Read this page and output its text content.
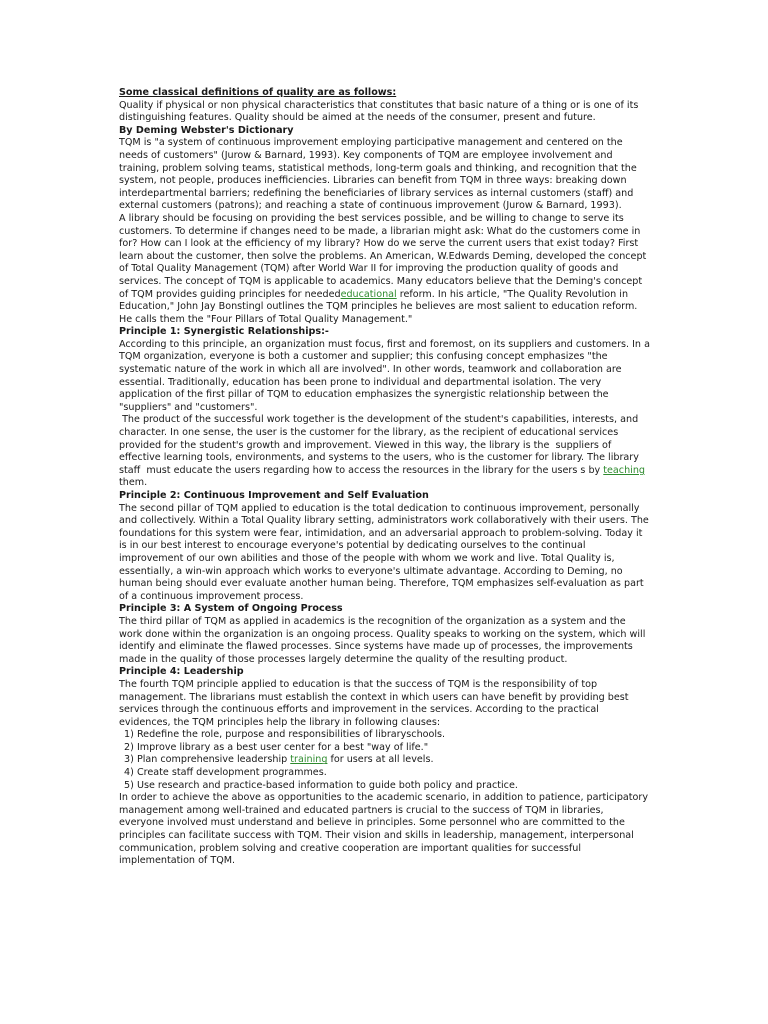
Some classical definitions of quality are as follows:

Quality if physical or non physical characteristics that constitutes that basic nature of a thing or is one of its distinguishing features. Quality should be aimed at the needs of the consumer, present and future.

By Deming Webster's Dictionary

TQM is "a system of continuous improvement employing participative management and centered on the needs of customers" (Jurow & Barnard, 1993). Key components of TQM are employee involvement and training, problem solving teams, statistical methods, long-term goals and thinking, and recognition that the system, not people, produces inefficiencies. Libraries can benefit from TQM in three ways: breaking down interdepartmental barriers; redefining the beneficiaries of library services as internal customers (staff) and external customers (patrons); and reaching a state of continuous improvement (Jurow & Barnard, 1993).

A library should be focusing on providing the best services possible, and be willing to change to serve its customers. To determine if changes need to be made, a librarian might ask: What do the customers come in for? How can I look at the efficiency of my library? How do we serve the current users that exist today? First learn about the customer, then solve the problems. An American, W.Edwards Deming, developed the concept of Total Quality Management (TQM) after World War II for improving the production quality of goods and services. The concept of TQM is applicable to academics. Many educators believe that the Deming's concept of TQM provides guiding principles for needededucational reform. In his article, "The Quality Revolution in Education," John Jay Bonstingl outlines the TQM principles he believes are most salient to education reform. He calls them the "Four Pillars of Total Quality Management."

Principle 1: Synergistic Relationships:-

According to this principle, an organization must focus, first and foremost, on its suppliers and customers. In a TQM organization, everyone is both a customer and supplier; this confusing concept emphasizes "the systematic nature of the work in which all are involved". In other words, teamwork and collaboration are essential. Traditionally, education has been prone to individual and departmental isolation. The very application of the first pillar of TQM to education emphasizes the synergistic relationship between the "suppliers" and "customers".

The product of the successful work together is the development of the student's capabilities, interests, and character. In one sense, the user is the customer for the library, as the recipient of educational services provided for the student's growth and improvement. Viewed in this way, the library is the  suppliers of effective learning tools, environments, and systems to the users, who is the customer for library. The library staff  must educate the users regarding how to access the resources in the library for the users s by teaching them.

Principle 2: Continuous Improvement and Self Evaluation

The second pillar of TQM applied to education is the total dedication to continuous improvement, personally and collectively. Within a Total Quality library setting, administrators work collaboratively with their users. The foundations for this system were fear, intimidation, and an adversarial approach to problem-solving. Today it is in our best interest to encourage everyone's potential by dedicating ourselves to the continual improvement of our own abilities and those of the people with whom we work and live. Total Quality is, essentially, a win-win approach which works to everyone's ultimate advantage. According to Deming, no human being should ever evaluate another human being. Therefore, TQM emphasizes self-evaluation as part of a continuous improvement process.

Principle 3: A System of Ongoing Process

The third pillar of TQM as applied in academics is the recognition of the organization as a system and the work done within the organization is an ongoing process. Quality speaks to working on the system, which will identify and eliminate the flawed processes. Since systems have made up of processes, the improvements made in the quality of those processes largely determine the quality of the resulting product.

Principle 4: Leadership

The fourth TQM principle applied to education is that the success of TQM is the responsibility of top management. The librarians must establish the context in which users can have benefit by providing best services through the continuous efforts and improvement in the services. According to the practical evidences, the TQM principles help the library in following clauses:

1) Redefine the role, purpose and responsibilities of libraryschools.

2) Improve library as a best user center for a best "way of life."

3) Plan comprehensive leadership training for users at all levels.

4) Create staff development programmes.

5) Use research and practice-based information to guide both policy and practice.

In order to achieve the above as opportunities to the academic scenario, in addition to patience, participatory management among well-trained and educated partners is crucial to the success of TQM in libraries, everyone involved must understand and believe in principles. Some personnel who are committed to the principles can facilitate success with TQM. Their vision and skills in leadership, management, interpersonal communication, problem solving and creative cooperation are important qualities for successful implementation of TQM.
